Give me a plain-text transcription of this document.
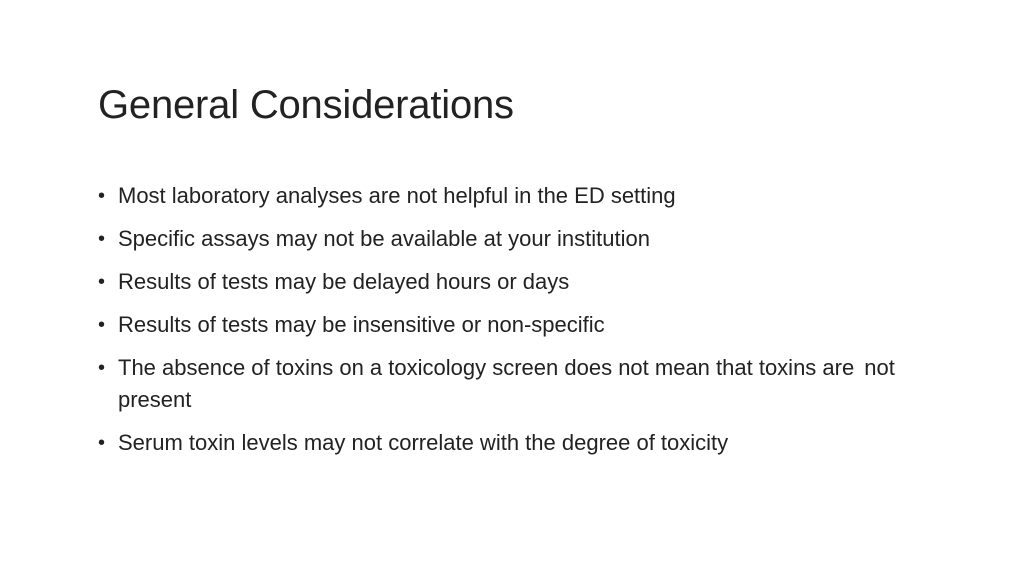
General Considerations
• Most laboratory analyses are not helpful in the ED setting
• Specific assays may not be available at your institution
• Results of tests may be delayed hours or days
• Results of tests may be insensitive or non-specific
• The absence of toxins on a toxicology screen does not mean that toxins are not present
• Serum toxin levels may not correlate with the degree of toxicity
